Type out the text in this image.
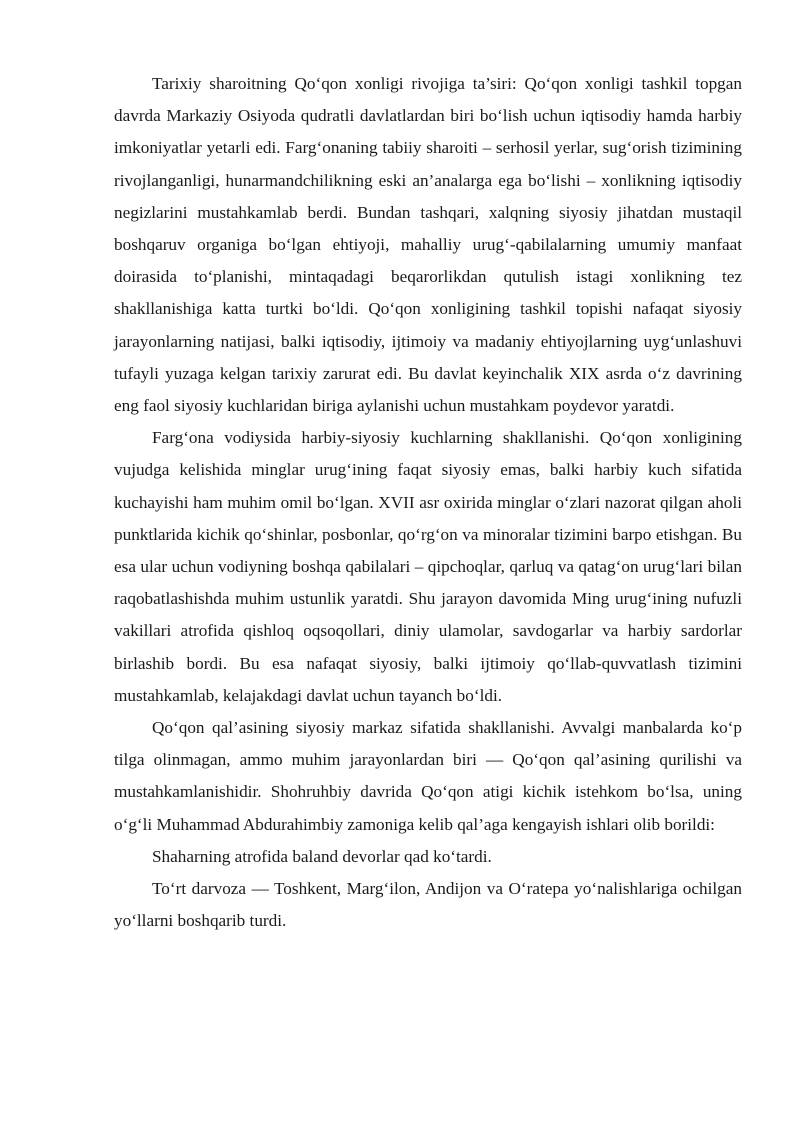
Tarixiy sharoitning Qo‘qon xonligi rivojiga ta’siri: Qo‘qon xonligi tashkil topgan davrda Markaziy Osiyoda qudratli davlatlardan biri bo‘lish uchun iqtisodiy hamda harbiy imkoniyatlar yetarli edi. Farg‘onaning tabiiy sharoiti – serhosil yerlar, sug‘orish tizimining rivojlanganligi, hunarmandchilikning eski an’analarga ega bo‘lishi – xonlikning iqtisodiy negizlarini mustahkamlab berdi. Bundan tashqari, xalqning siyosiy jihatdan mustaqil boshqaruv organiga bo‘lgan ehtiyoji, mahalliy urug‘-qabilalarning umumiy manfaat doirasida to‘planishi, mintaqadagi beqarorlikdan qutulish istagi xonlikning tez shakllanishiga katta turtki bo‘ldi. Qo‘qon xonligining tashkil topishi nafaqat siyosiy jarayonlarning natijasi, balki iqtisodiy, ijtimoiy va madaniy ehtiyojlarning uyg‘unlashuvi tufayli yuzaga kelgan tarixiy zarurat edi. Bu davlat keyinchalik XIX asrda o‘z davrining eng faol siyosiy kuchlaridan biriga aylanishi uchun mustahkam poydevor yaratdi.

Farg‘ona vodiysida harbiy-siyosiy kuchlarning shakllanishi. Qo‘qon xonligining vujudga kelishida minglar urug‘ining faqat siyosiy emas, balki harbiy kuch sifatida kuchayishi ham muhim omil bo‘lgan. XVII asr oxirida minglar o‘zlari nazorat qilgan aholi punktlarida kichik qo‘shinlar, posbonlar, qo‘rg‘on va minoralar tizimini barpo etishgan. Bu esa ular uchun vodiyning boshqa qabilalari – qipchoqlar, qarluq va qatag‘on urug‘lari bilan raqobatlashishda muhim ustunlik yaratdi. Shu jarayon davomida Ming urug‘ining nufuzli vakillari atrofida qishloq oqsoqollari, diniy ulamolar, savdogarlar va harbiy sardorlar birlashib bordi. Bu esa nafaqat siyosiy, balki ijtimoiy qo‘llab-quvvatlash tizimini mustahkamlab, kelajakdagi davlat uchun tayanch bo‘ldi.

Qo‘qon qal’asining siyosiy markaz sifatida shakllanishi. Avvalgi manbalarda ko‘p tilga olinmagan, ammo muhim jarayonlardan biri — Qo‘qon qal’asining qurilishi va mustahkamlanishidir. Shohruhbiy davrida Qo‘qon atigi kichik istehkom bo‘lsa, uning o‘g‘li Muhammad Abdurahimbiy zamoniga kelib qal’aga kengayish ishlari olib borildi:

Shaharning atrofida baland devorlar qad ko‘tardi.

To‘rt darvoza — Toshkent, Marg‘ilon, Andijon va O‘ratepa yo‘nalishlariga ochilgan yo‘llarni boshqarib turdi.
